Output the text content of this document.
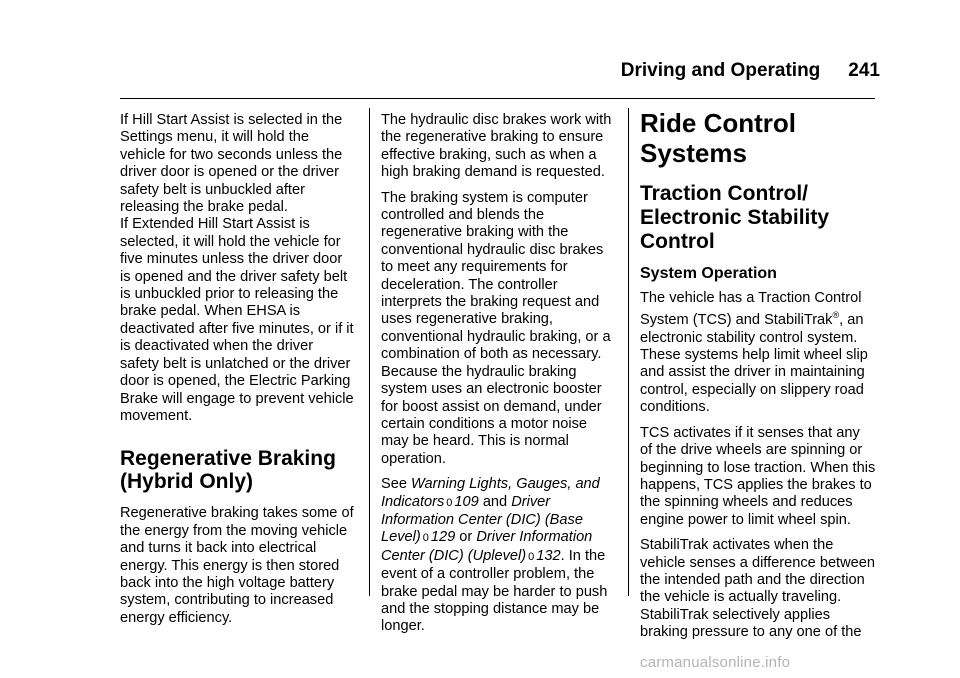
Driving and Operating 241

If Hill Start Assist is selected in the
Settings menu, it will hold the
vehicle for two seconds unless the
driver door is opened or the driver
safety belt is unbuckled after
releasing the brake pedal.
If Extended Hill Start Assist is
selected, it will hold the vehicle for
five minutes unless the driver door
is opened and the driver safety belt
is unbuckled prior to releasing the
brake pedal. When EHSA is
deactivated after five minutes, or if it
is deactivated when the driver
safety belt is unlatched or the driver
door is opened, the Electric Parking
Brake will engage to prevent vehicle
movement.

Regenerative Braking
(Hybrid Only)

Regenerative braking takes some of
the energy from the moving vehicle
and turns it back into electrical
energy. This energy is then stored
back into the high voltage battery
system, contributing to increased
energy efficiency.

The hydraulic disc brakes work with
the regenerative braking to ensure
effective braking, such as when a
high braking demand is requested.

The braking system is computer
controlled and blends the
regenerative braking with the
conventional hydraulic disc brakes
to meet any requirements for
deceleration. The controller
interprets the braking request and
uses regenerative braking,
conventional hydraulic braking, or a
combination of both as necessary.
Because the hydraulic braking
system uses an electronic booster
for boost assist on demand, under
certain conditions a motor noise
may be heard. This is normal
operation.

See Warning Lights, Gauges, and
Indicators 0 109 and Driver
Information Center (DIC) (Base
Level) 0 129 or Driver Information
Center (DIC) (Uplevel) 0 132. In the
event of a controller problem, the
brake pedal may be harder to push
and the stopping distance may be
longer.

Ride Control Systems
Traction Control/
Electronic Stability
Control
System Operation

The vehicle has a Traction Control
System (TCS) and StabiliTrak®, an
electronic stability control system.
These systems help limit wheel slip
and assist the driver in maintaining
control, especially on slippery road
conditions.

TCS activates if it senses that any
of the drive wheels are spinning or
beginning to lose traction. When this
happens, TCS applies the brakes to
the spinning wheels and reduces
engine power to limit wheel spin.

StabiliTrak activates when the
vehicle senses a difference between
the intended path and the direction
the vehicle is actually traveling.
StabiliTrak selectively applies
braking pressure to any one of the

carmanualsonline.info
